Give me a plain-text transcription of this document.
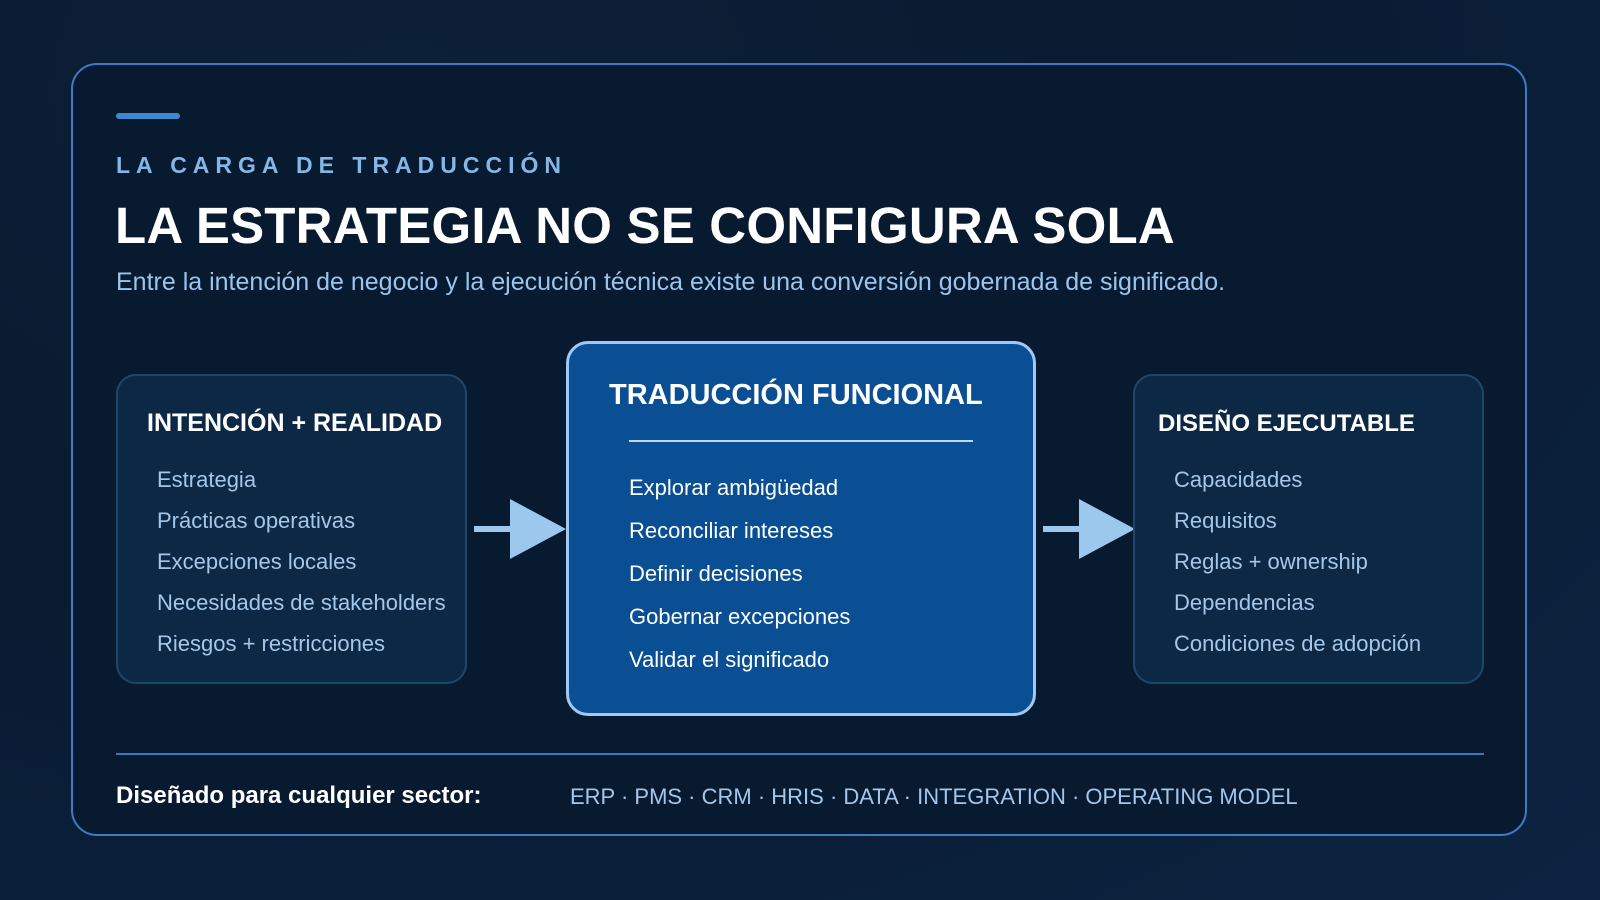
LA CARGA DE TRADUCCIÓN
LA ESTRATEGIA NO SE CONFIGURA SOLA
Entre la intención de negocio y la ejecución técnica existe una conversión gobernada de significado.
INTENCIÓN + REALIDAD
Estrategia
Prácticas operativas
Excepciones locales
Necesidades de stakeholders
Riesgos + restricciones
TRADUCCIÓN FUNCIONAL
Explorar ambigüedad
Reconciliar intereses
Definir decisiones
Gobernar excepciones
Validar el significado
DISEÑO EJECUTABLE
Capacidades
Requisitos
Reglas + ownership
Dependencias
Condiciones de adopción
Diseñado para cualquier sector:	ERP · PMS · CRM · HRIS · DATA · INTEGRATION · OPERATING MODEL
